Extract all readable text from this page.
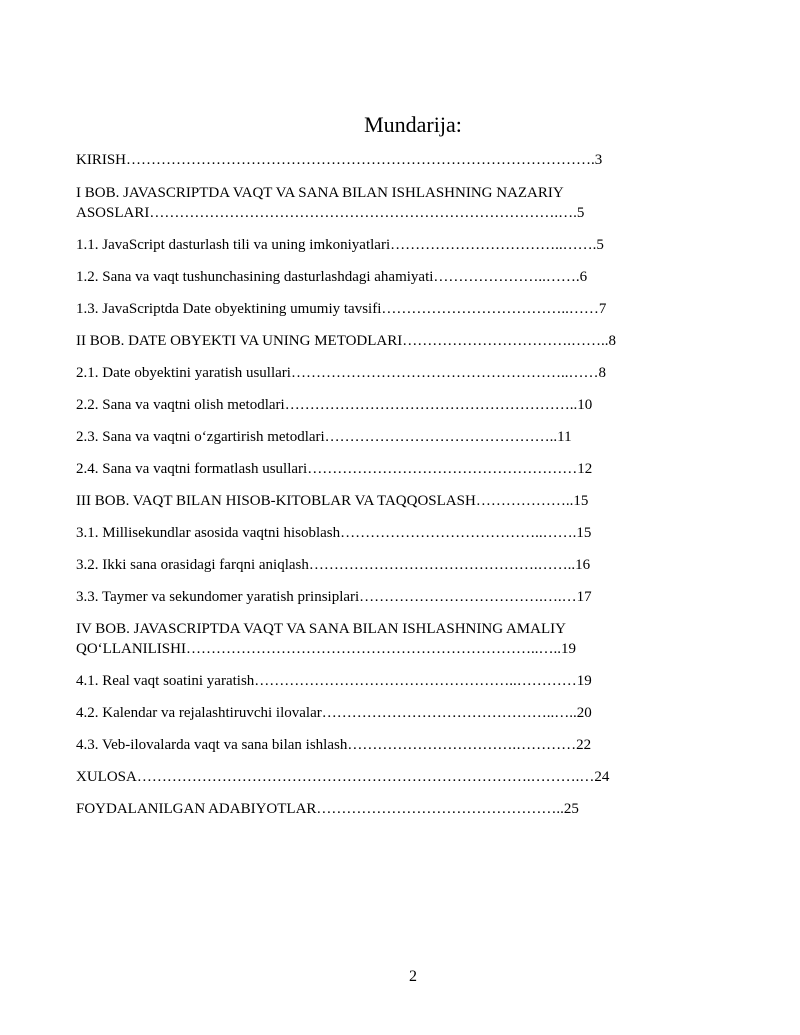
Mundarija:

KIRISH………………………………………………………………………………….3

I BOB. JAVASCRIPTDA VAQT VA SANA BILAN ISHLASHNING NAZARIY
ASOSLARI……………………………………………………………………….….5

1.1. JavaScript dasturlash tili va uning imkoniyatlari……………………………..…….5

1.2. Sana va vaqt tushunchasining dasturlashdagi ahamiyati…………………..…….6

1.3. JavaScriptda Date obyektining umumiy tavsifi………………………………..……7

II BOB. DATE OBYEKTI VA UNING METODLARI…………………………….……..8

2.1. Date obyektini yaratish usullari………………………………………………..……8

2.2. Sana va vaqtni olish metodlari…………………………………………………..10

2.3. Sana va vaqtni o‘zgartirish metodlari………………………………………..11

2.4. Sana va vaqtni formatlash usullari………………………………………………12

III BOB. VAQT BILAN HISOB-KITOBLAR VA TAQQOSLASH………………..15

3.1. Millisekundlar asosida vaqtni hisoblash…………………………………..…….15

3.2. Ikki sana orasidagi farqni aniqlash……………………………………….……..16

3.3. Taymer va sekundomer yaratish prinsiplari……………………………….….…17

IV BOB. JAVASCRIPTDA VAQT VA SANA BILAN ISHLASHNING AMALIY
QO‘LLANILISHI……………………………………………………………..…..19

4.1. Real vaqt soatini yaratish……………………………………………..…………19

4.2. Kalendar va rejalashtiruvchi ilovalar………………………………………..…..20

4.3. Veb-ilovalarda vaqt va sana bilan ishlash…………………………….…………22

XULOSA…………………………………………………………………….……….…24

FOYDALANILGAN ADABIYOTLAR…………………………………………..25

2
